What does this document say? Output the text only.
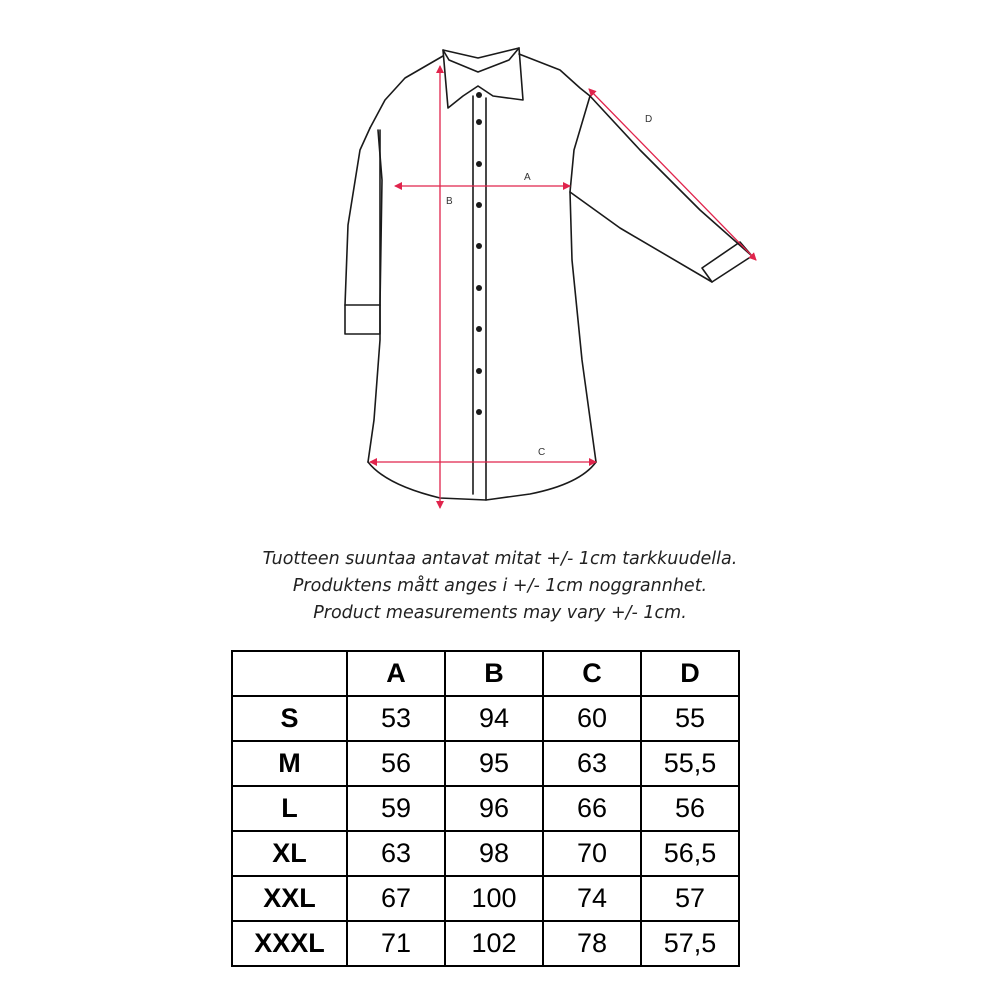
A
B
C
D
Tuotteen suuntaa antavat mitat +/- 1cm tarkkuudella.
Produktens mått anges i +/- 1cm noggrannhet.
Product measurements may vary +/- 1cm.
	A	B	C	D
S	53	94	60	55
M	56	95	63	55,5
L	59	96	66	56
XL	63	98	70	56,5
XXL	67	100	74	57
XXXL	71	102	78	57,5
